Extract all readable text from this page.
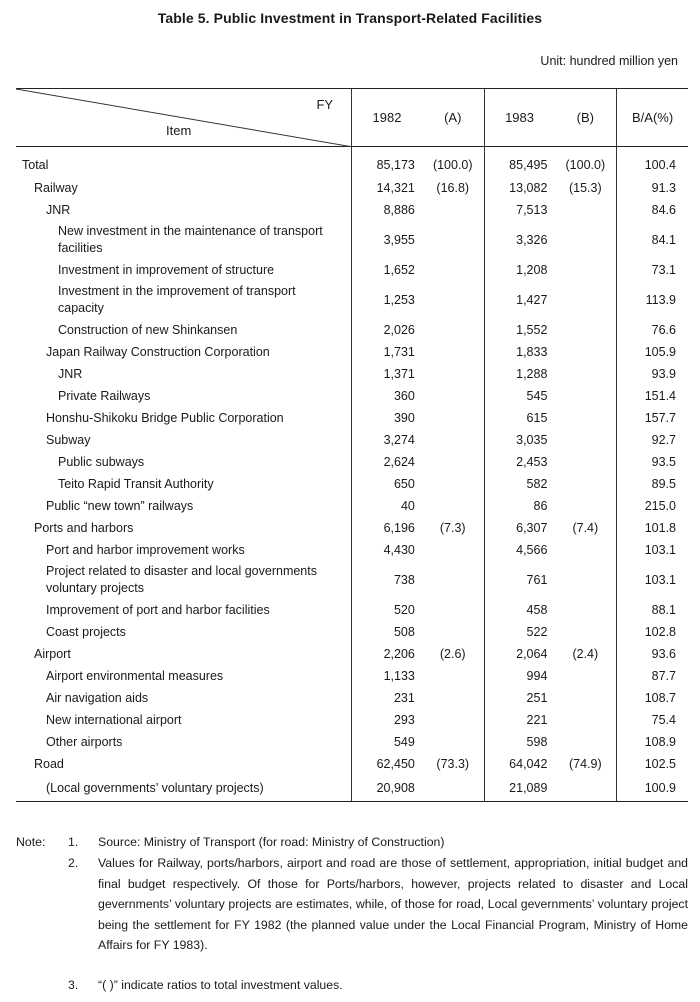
Table 5. Public Investment in Transport-Related Facilities
Unit: hundred million yen
FY
Item	1982	(A)	1983	(B)	B/A(%)
Total	85,173	(100.0)	85,495	(100.0)	100.4
Railway	14,321	(16.8)	13,082	(15.3)	91.3
JNR	8,886		7,513		84.6
New investment in the maintenance of transport facilities	3,955		3,326		84.1
Investment in improvement of structure	1,652		1,208		73.1
Investment in the improvement of transport capacity	1,253		1,427		113.9
Construction of new Shinkansen	2,026		1,552		76.6
Japan Railway Construction Corporation	1,731		1,833		105.9
JNR	1,371		1,288		93.9
Private Railways	360		545		151.4
Honshu-Shikoku Bridge Public Corporation	390		615		157.7
Subway	3,274		3,035		92.7
Public subways	2,624		2,453		93.5
Teito Rapid Transit Authority	650		582		89.5
Public “new town” railways	40		86		215.0
Ports and harbors	6,196	(7.3)	6,307	(7.4)	101.8
Port and harbor improvement works	4,430		4,566		103.1
Project related to disaster and local governments voluntary projects	738		761		103.1
Improvement of port and harbor facilities	520		458		88.1
Coast projects	508		522		102.8
Airport	2,206	(2.6)	2,064	(2.4)	93.6
Airport environmental measures	1,133		994		87.7
Air navigation aids	231		251		108.7
New international airport	293		221		75.4
Other airports	549		598		108.9
Road	62,450	(73.3)	64,042	(74.9)	102.5
(Local governments’ voluntary projects)	20,908		21,089		100.9
Note: 1. Source: Ministry of Transport (for road: Ministry of Construction)
2. Values for Railway, ports/harbors, airport and road are those of settlement, appropriation, initial budget and final budget respectively. Of those for Ports/harbors, however, projects related to disaster and Local gevernments’ voluntary projects are estimates, while, of those for road, Local gevernments’ voluntary project being the settlement for FY 1982 (the planned value under the Local Financial Program, Ministry of Home Affairs for FY 1983).
3. “( )” indicate ratios to total investment values.
